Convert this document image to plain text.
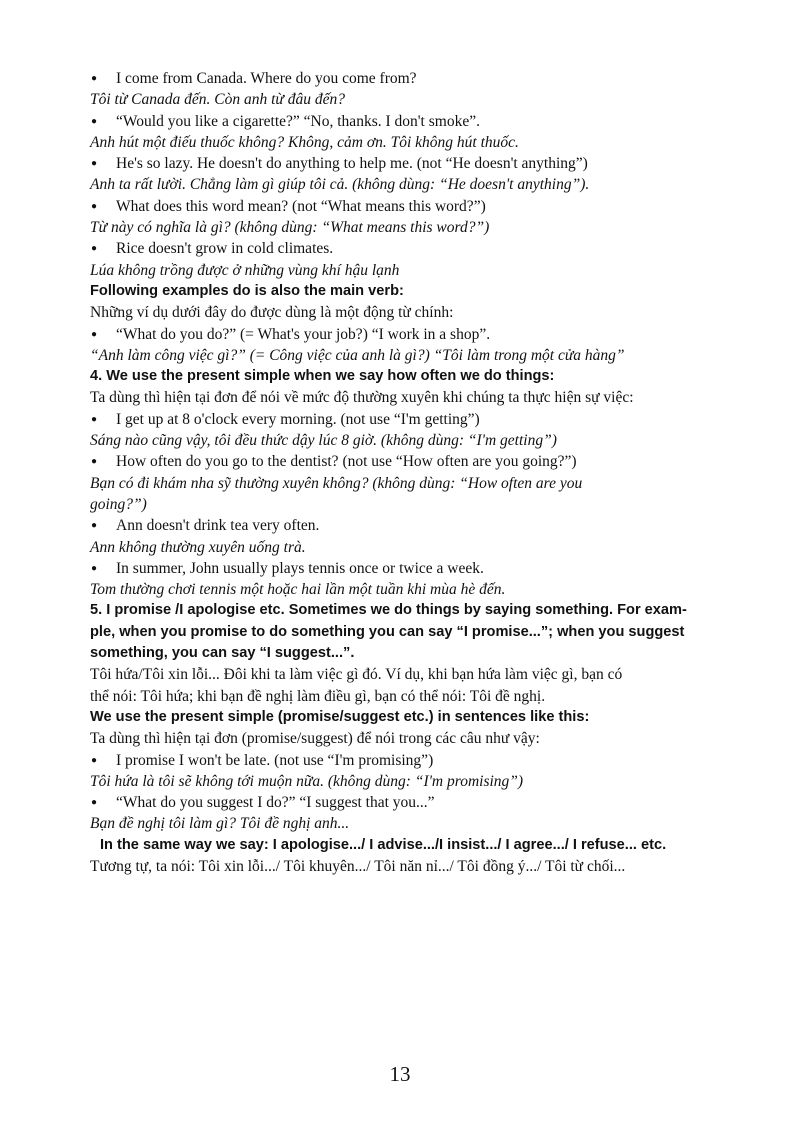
● I come from Canada. Where do you come from?
Tôi từ Canada đến. Còn anh từ đâu đến?
● “Would you like a cigarette?” “No, thanks. I don't smoke”.
Anh hút một điếu thuốc không? Không, cảm ơn. Tôi không hút thuốc.
● He's so lazy. He doesn't do anything to help me. (not “He doesn't anything”)
Anh ta rất lười. Chẳng làm gì giúp tôi cả. (không dùng: “He doesn't anything”).
● What does this word mean? (not “What means this word?”)
Từ này có nghĩa là gì? (không dùng: “What means this word?”)
● Rice doesn't grow in cold climates.
Lúa không trồng được ở những vùng khí hậu lạnh
Following examples do is also the main verb:
Những ví dụ dưới đây do được dùng là một động từ chính:
● “What do you do?” (= What's your job?) “I work in a shop”.
“Anh làm công việc gì?” (= Công việc của anh là gì?) “Tôi làm trong một cửa hàng”
4. We use the present simple when we say how often we do things:
Ta dùng thì hiện tại đơn để nói về mức độ thường xuyên khi chúng ta thực hiện sự việc:
● I get up at 8 o'clock every morning. (not use “I'm getting”)
Sáng nào cũng vậy, tôi đều thức dậy lúc 8 giờ. (không dùng: “I'm getting”)
● How often do you go to the dentist? (not use “How often are you going?”)
Bạn có đi khám nha sỹ thường xuyên không? (không dùng: “How often are you
going?”)
● Ann doesn't drink tea very often.
Ann không thường xuyên uống trà.
● In summer, John usually plays tennis once or twice a week.
Tom thường chơi tennis một hoặc hai lần một tuần khi mùa hè đến.
5. I promise /I apologise etc. Sometimes we do things by saying something. For exam-
ple, when you promise to do something you can say “I promise...”; when you suggest
something, you can say “I suggest...”.
Tôi hứa/Tôi xin lỗi... Đôi khi ta làm việc gì đó. Ví dụ, khi bạn hứa làm việc gì, bạn có
thể nói: Tôi hứa; khi bạn đề nghị làm điều gì, bạn có thể nói: Tôi đề nghị.
We use the present simple (promise/suggest etc.) in sentences like this:
Ta dùng thì hiện tại đơn (promise/suggest) để nói trong các câu như vậy:
● I promise I won't be late. (not use “I'm promising”)
Tôi hứa là tôi sẽ không tới muộn nữa. (không dùng: “I'm promising”)
● “What do you suggest I do?” “I suggest that you...”
Bạn đề nghị tôi làm gì? Tôi đề nghị anh...
In the same way we say: I apologise.../ I advise.../I insist.../ I agree.../ I refuse... etc.
Tương tự, ta nói: Tôi xin lỗi.../ Tôi khuyên.../ Tôi năn nỉ.../ Tôi đồng ý.../ Tôi từ chối...
13
